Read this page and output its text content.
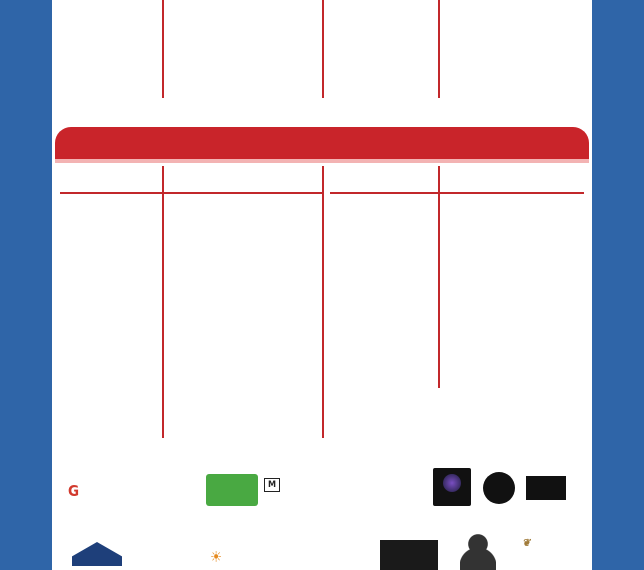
G	M
☀
❦
